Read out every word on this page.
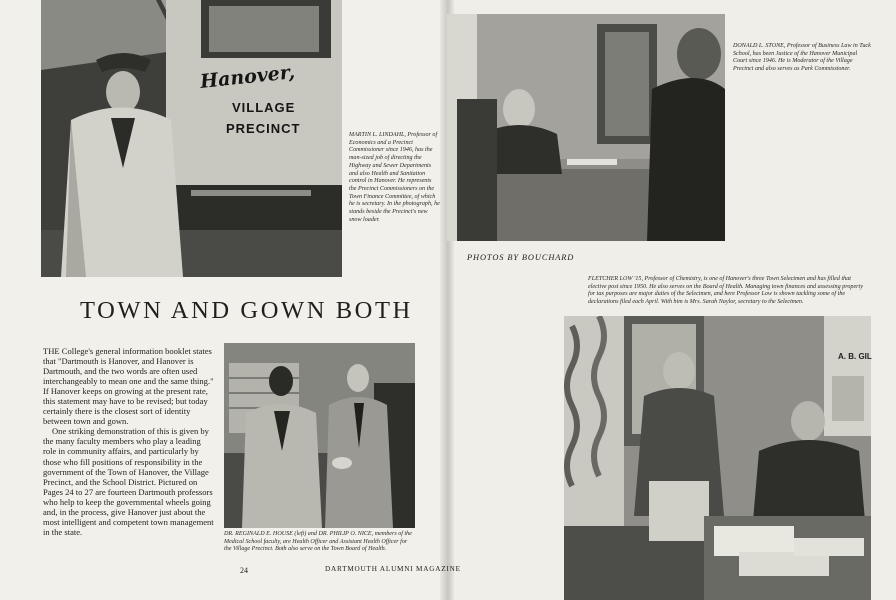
Hanover,
VILLAGE
PRECINCT	MARTIN L. LINDAHL, Professor of Economics and a Precinct Commissioner since 1946, has the man-sized job of directing the Highway and Sewer Departments and also Health and Sanitation control in Hanover. He represents the Precinct Commissioners on the Town Finance Committee, of which he is secretary. In the photograph, he stands beside the Precinct's new snow loader.

TOWN AND GOWN BOTH

THE College's general information booklet states that "Dartmouth is Hanover, and Hanover is Dartmouth, and the two words are often used interchangeably to mean one and the same thing." If Hanover keeps on growing at the present rate, this statement may have to be revised; but today certainly there is the closest sort of identity between town and gown.

One striking demonstration of this is given by the many faculty members who play a leading role in community affairs, and particularly by those who fill positions of responsibility in the government of the Town of Hanover, the Village Precinct, and the School District. Pictured on Pages 24 to 27 are fourteen Dartmouth professors who help to keep the governmental wheels going and, in the process, give Hanover just about the most intelligent and competent town management in the state.	DR. REGINALD E. HOUSE (left) and DR. PHILIP O. NICE, members of the Medical School faculty, are Health Officer and Assistant Health Officer for the Village Precinct. Both also serve on the Town Board of Health.

24	DARTMOUTH ALUMNI MAGAZINE

DONALD L. STONE, Professor of Business Law in Tuck School, has been Justice of the Hanover Municipal Court since 1946. He is Moderator of the Village Precinct and also serves as Park Commissioner.

PHOTOS BY BOUCHARD

FLETCHER LOW '15, Professor of Chemistry, is one of Hanover's three Town Selectmen and has filled that elective post since 1950. He also serves on the Board of Health. Managing town finances and assessing property for tax purposes are major duties of the Selectmen, and here Professor Low is shown tackling some of the declarations filed each April. With him is Mrs. Sarah Naylor, secretary to the Selectmen.

A. B. GIL
